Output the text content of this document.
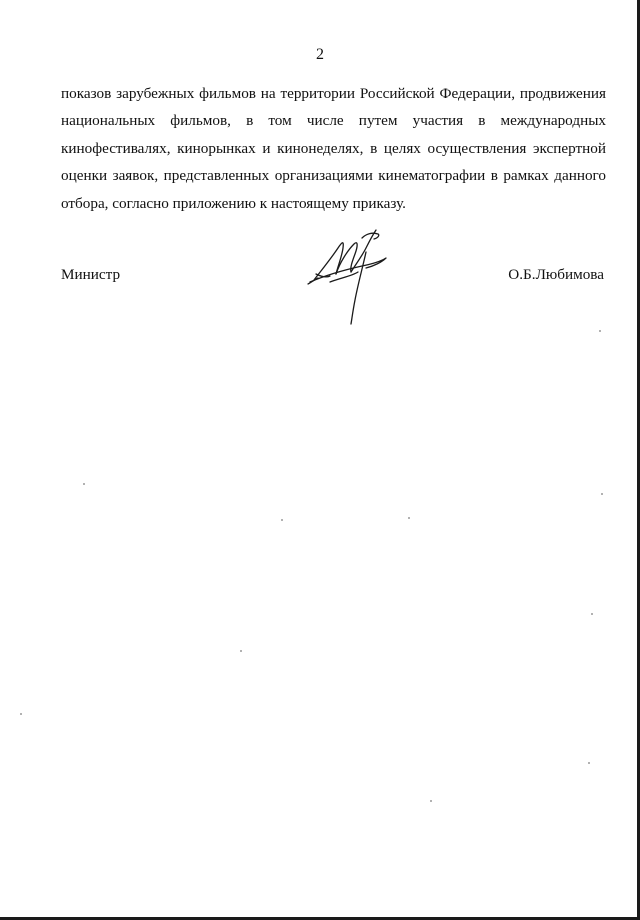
2
показов зарубежных фильмов на территории Российской Федерации, продвижения
национальных фильмов, в том числе путем участия в международных
кинофестивалях, кинорынках и кинонеделях, в целях осуществления экспертной
оценки заявок, представленных организациями кинематографии в рамках данного
отбора, согласно приложению к настоящему приказу.
Министр	О.Б.Любимова
